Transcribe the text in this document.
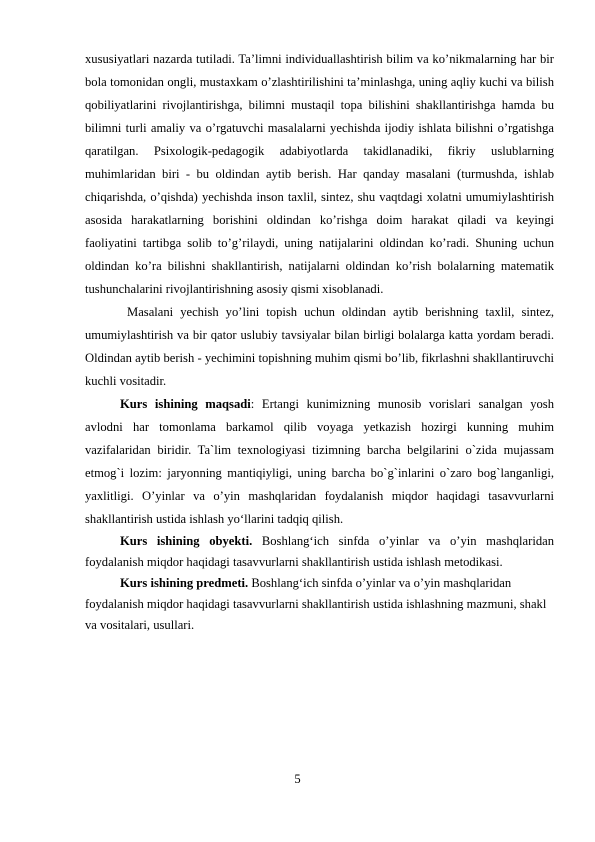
xususiyatlari nazarda tutiladi. Ta’limni individuallashtirish bilim va ko’nikmalarning har bir bola tomonidan ongli, mustaxkam o’zlashtirilishini ta’minlashga, uning aqliy kuchi va bilish qobiliyatlarini rivojlantirishga, bilimni mustaqil topa bilishini shakllantirishga hamda bu bilimni turli amaliy va o’rgatuvchi masalalarni yechishda ijodiy ishlata bilishni o’rgatishga qaratilgan. Psixologik-pedagogik adabiyotlarda takidlanadiki, fikriy uslublarning muhimlaridan biri - bu oldindan aytib berish. Har qanday masalani (turmushda, ishlab chiqarishda, o’qishda) yechishda inson taxlil, sintez, shu vaqtdagi xolatni umumiylashtirish asosida harakatlarning borishini oldindan ko’rishga doim harakat qiladi va keyingi faoliyatini tartibga solib to’g’rilaydi, uning natijalarini oldindan ko’radi. Shuning uchun oldindan ko’ra bilishni shakllantirish, natijalarni oldindan ko’rish bolalarning matematik tushunchalarini rivojlantirishning asosiy qismi xisoblanadi.

Masalani yechish yo’lini topish uchun oldindan aytib berishning taxlil, sintez, umumiylashtirish va bir qator uslubiy tavsiyalar bilan birligi bolalarga katta yordam beradi. Oldindan aytib berish - yechimini topishning muhim qismi bo’lib, fikrlashni shakllantiruvchi kuchli vositadir.

Kurs ishining maqsadi: Ertangi kunimizning munosib vorislari sanalgan yosh avlodni har tomonlama barkamol qilib voyaga yetkazish hozirgi kunning muhim vazifalaridan biridir. Ta`lim texnologiyasi tizimning barcha belgilarini o`zida mujassam etmog`i lozim: jaryonning mantiqiyligi, uning barcha bo`g`inlarini o`zaro bog`langanligi, yaxlitligi. O’yinlar va o’yin mashqlaridan foydalanish miqdor haqidagi tasavvurlarni shakllantirish ustida ishlash yo‘llarini tadqiq qilish.

Kurs ishining obyekti. Boshlang‘ich sinfda o’yinlar va o’yin mashqlaridan foydalanish miqdor haqidagi tasavvurlarni shakllantirish ustida ishlash metodikasi.

Kurs ishining predmeti. Boshlang‘ich sinfda o’yinlar va o’yin mashqlaridan foydalanish miqdor haqidagi tasavvurlarni shakllantirish ustida ishlashning mazmuni, shakl va vositalari, usullari.

5
